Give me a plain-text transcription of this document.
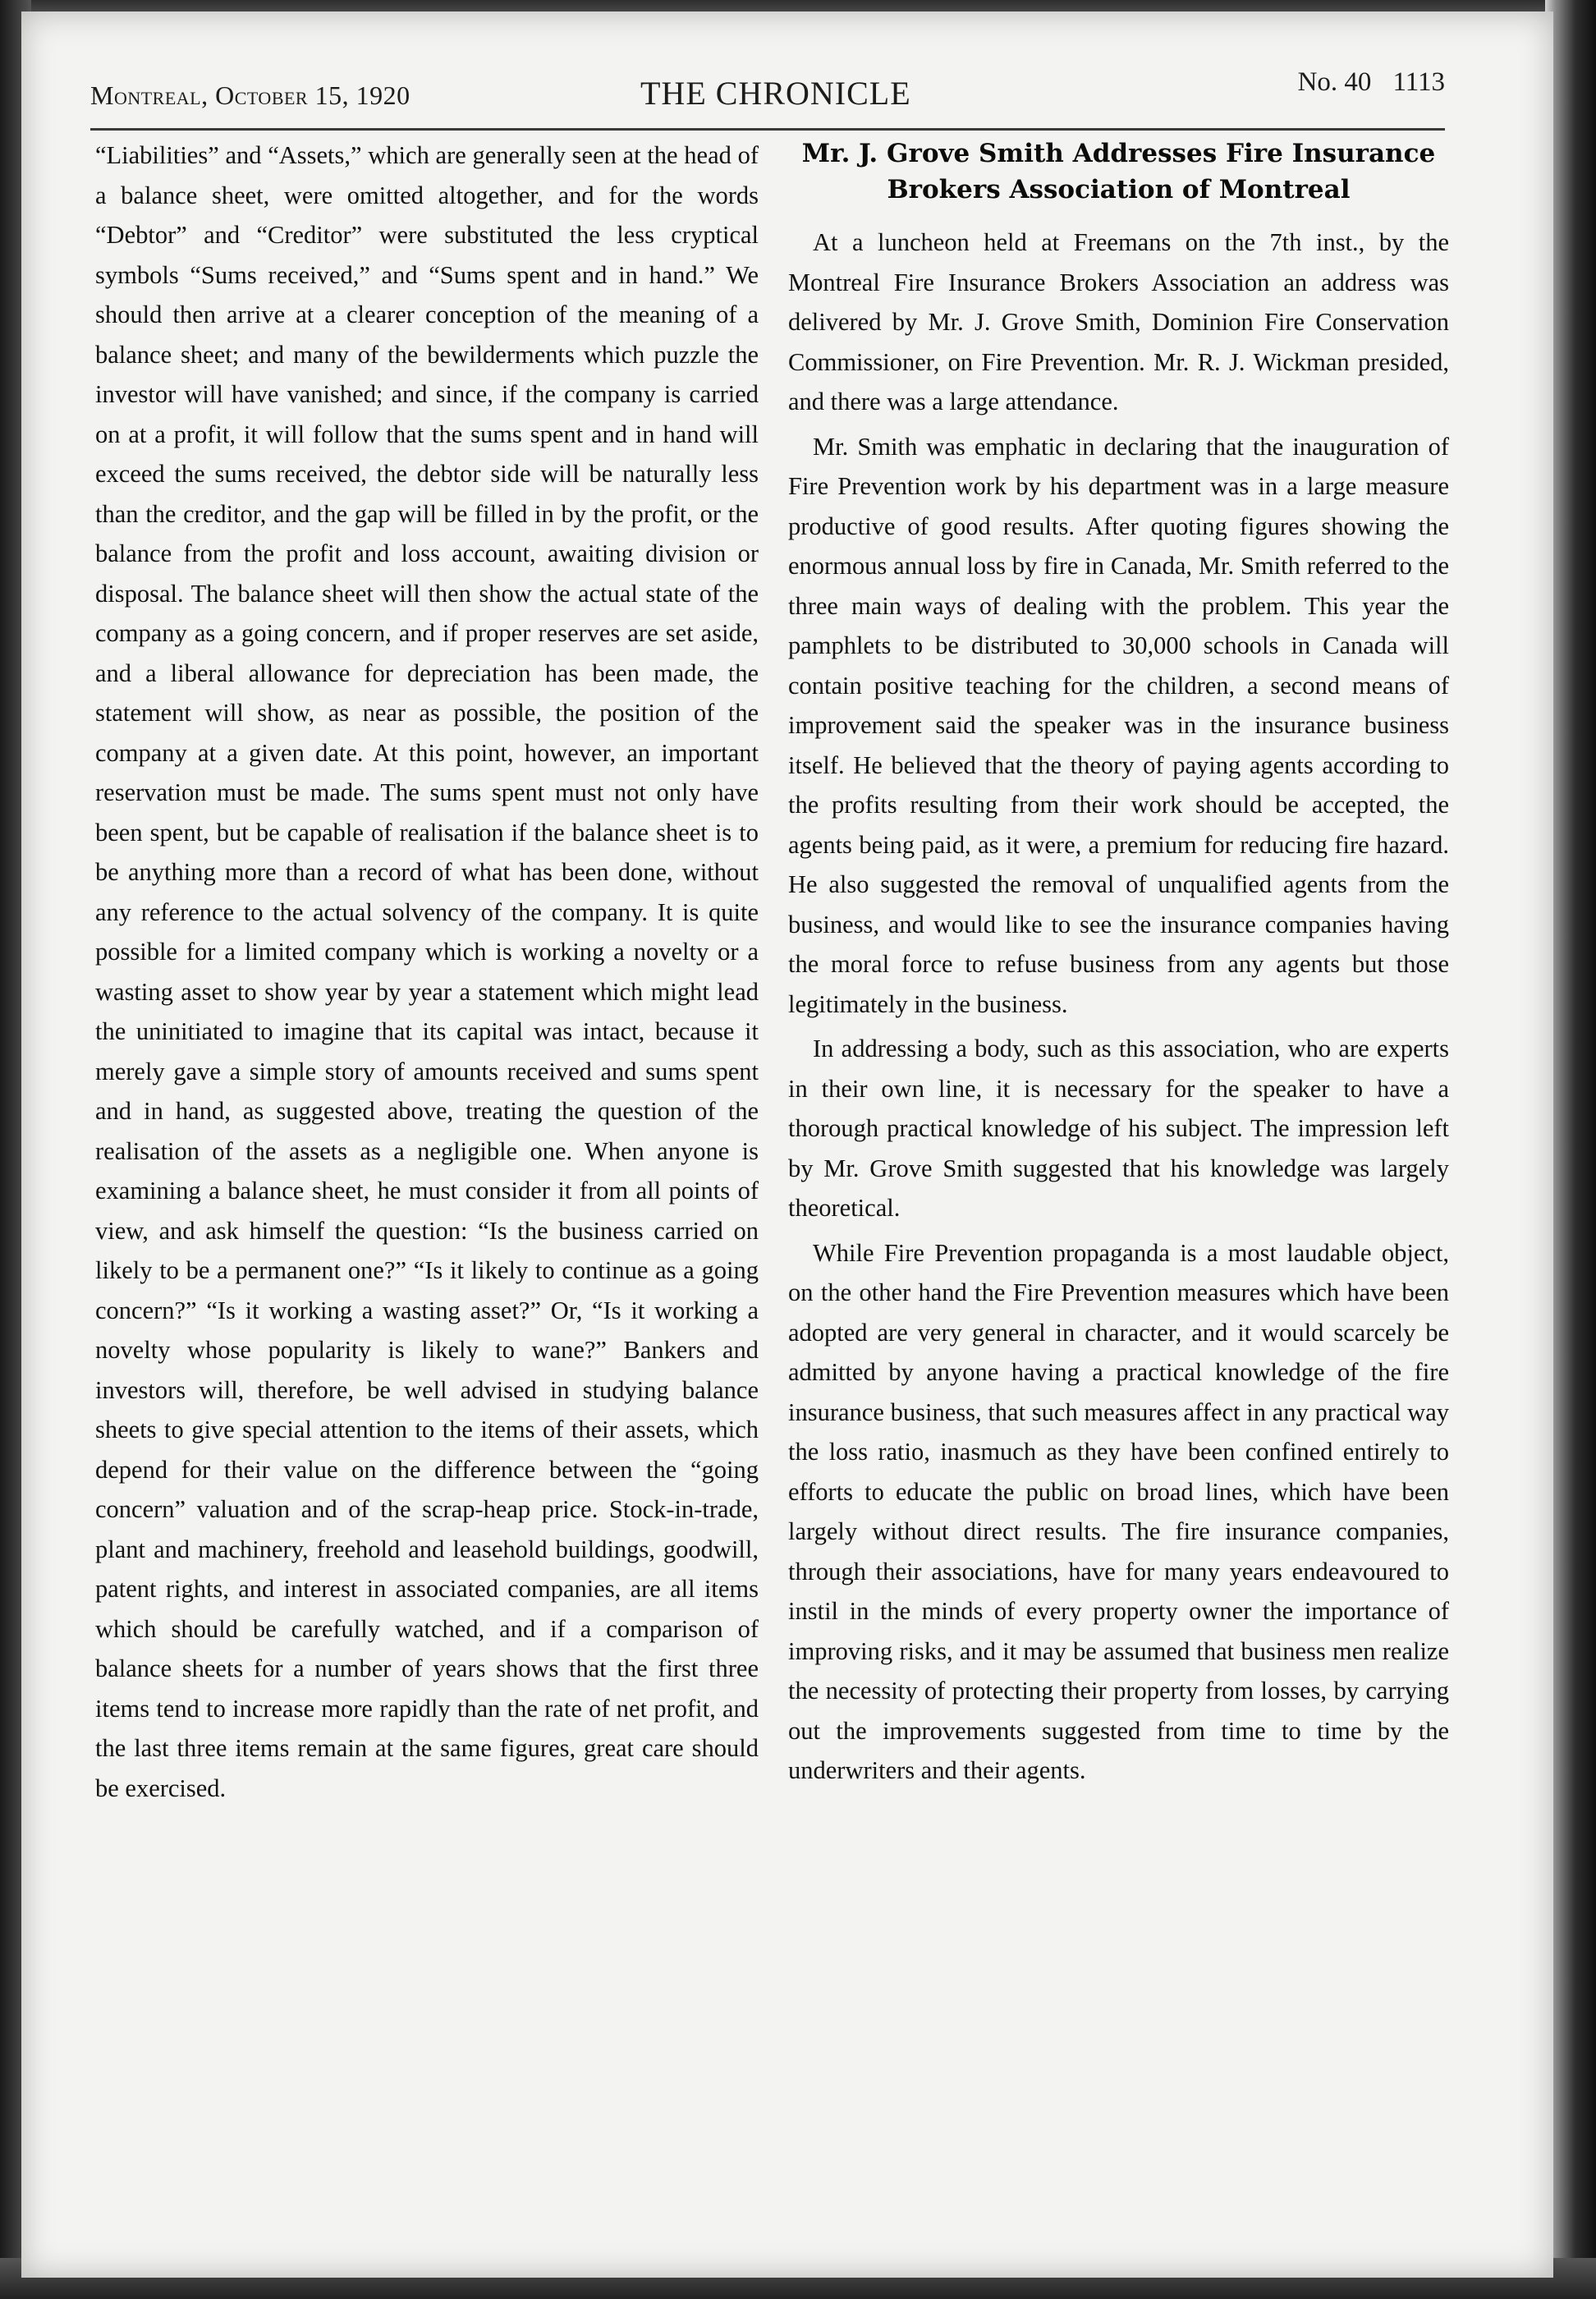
Montreal, October 15, 1920	THE CHRONICLE	No. 40 1113

“Liabilities” and “Assets,” which are generally seen at the head of a balance sheet, were omitted altogether, and for the words “Debtor” and “Creditor” were substituted the less cryptical symbols “Sums received,” and “Sums spent and in hand.” We should then arrive at a clearer conception of the meaning of a balance sheet; and many of the bewilderments which puzzle the investor will have vanished; and since, if the company is carried on at a profit, it will follow that the sums spent and in hand will exceed the sums received, the debtor side will be naturally less than the creditor, and the gap will be filled in by the profit, or the balance from the profit and loss account, awaiting division or disposal. The balance sheet will then show the actual state of the company as a going concern, and if proper reserves are set aside, and a liberal allowance for depreciation has been made, the statement will show, as near as possible, the position of the company at a given date. At this point, however, an important reservation must be made. The sums spent must not only have been spent, but be capable of realisation if the balance sheet is to be anything more than a record of what has been done, without any reference to the actual solvency of the company. It is quite possible for a limited company which is working a novelty or a wasting asset to show year by year a statement which might lead the uninitiated to imagine that its capital was intact, because it merely gave a simple story of amounts received and sums spent and in hand, as suggested above, treating the question of the realisation of the assets as a negligible one. When anyone is examining a balance sheet, he must consider it from all points of view, and ask himself the question: “Is the business carried on likely to be a permanent one?” “Is it likely to continue as a going concern?” “Is it working a wasting asset?” Or, “Is it working a novelty whose popularity is likely to wane?” Bankers and investors will, therefore, be well advised in studying balance sheets to give special attention to the items of their assets, which depend for their value on the difference between the “going concern” valuation and of the scrap-heap price. Stock-in-trade, plant and machinery, freehold and leasehold buildings, goodwill, patent rights, and interest in associated companies, are all items which should be carefully watched, and if a comparison of balance sheets for a number of years shows that the first three items tend to increase more rapidly than the rate of net profit, and the last three items remain at the same figures, great care should be exercised.

Mr. J. Grove Smith Addresses Fire Insurance
Brokers Association of Montreal

At a luncheon held at Freemans on the 7th inst., by the Montreal Fire Insurance Brokers Association an address was delivered by Mr. J. Grove Smith, Dominion Fire Conservation Commissioner, on Fire Prevention. Mr. R. J. Wickman presided, and there was a large attendance.

Mr. Smith was emphatic in declaring that the inauguration of Fire Prevention work by his department was in a large measure productive of good results. After quoting figures showing the enormous annual loss by fire in Canada, Mr. Smith referred to the three main ways of dealing with the problem. This year the pamphlets to be distributed to 30,000 schools in Canada will contain positive teaching for the children, a second means of improvement said the speaker was in the insurance business itself. He believed that the theory of paying agents according to the profits resulting from their work should be accepted, the agents being paid, as it were, a premium for reducing fire hazard. He also suggested the removal of unqualified agents from the business, and would like to see the insurance companies having the moral force to refuse business from any agents but those legitimately in the business.

In addressing a body, such as this association, who are experts in their own line, it is necessary for the speaker to have a thorough practical knowledge of his subject. The impression left by Mr. Grove Smith suggested that his knowledge was largely theoretical.

While Fire Prevention propaganda is a most laudable object, on the other hand the Fire Prevention measures which have been adopted are very general in character, and it would scarcely be admitted by anyone having a practical knowledge of the fire insurance business, that such measures affect in any practical way the loss ratio, inasmuch as they have been confined entirely to efforts to educate the public on broad lines, which have been largely without direct results. The fire insurance companies, through their associations, have for many years endeavoured to instil in the minds of every property owner the importance of improving risks, and it may be assumed that business men realize the necessity of protecting their property from losses, by carrying out the improvements suggested from time to time by the underwriters and their agents.
